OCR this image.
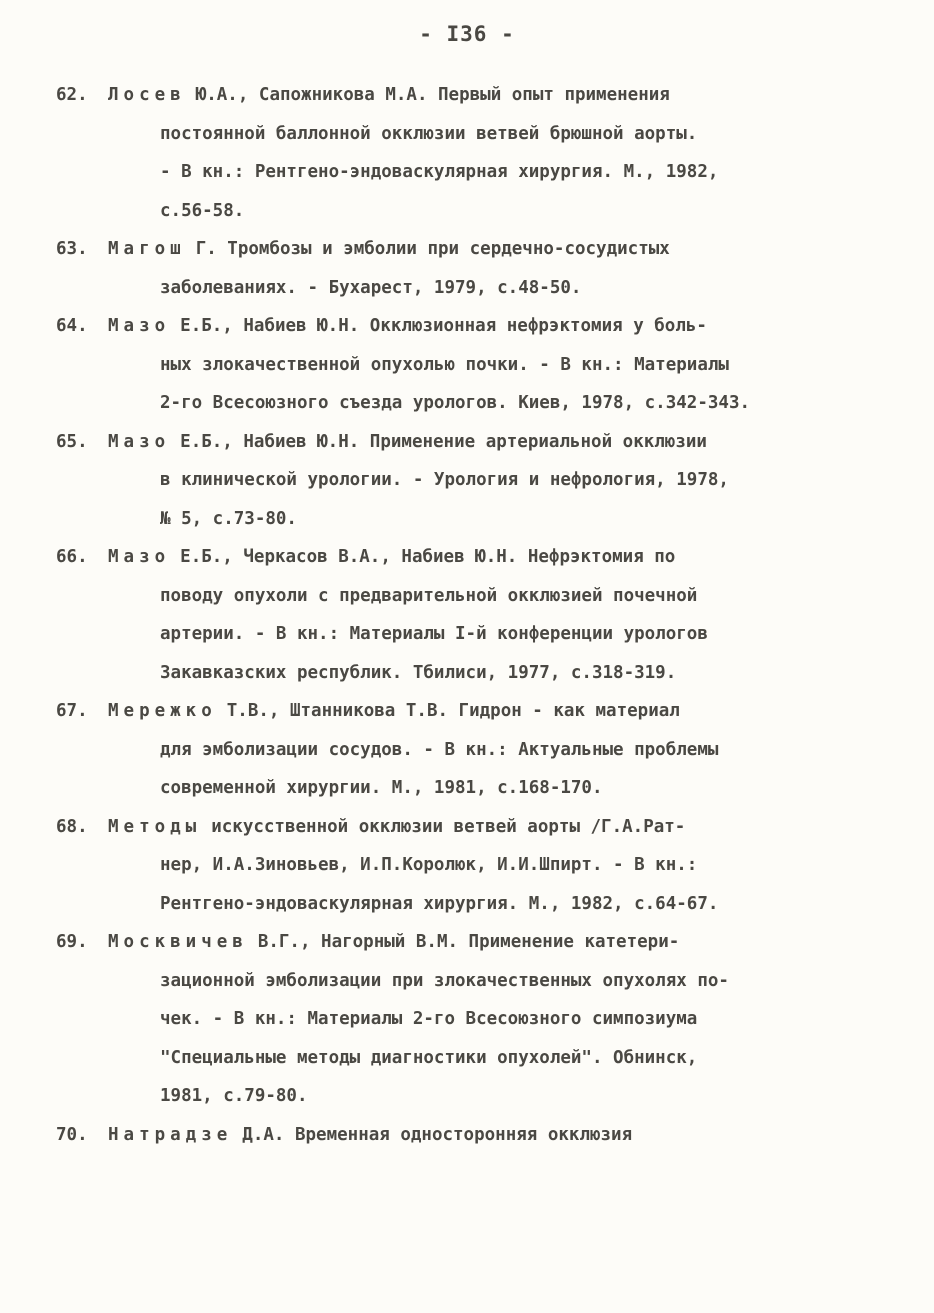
- I36 -
62.	Лосев Ю.А., Сапожникова М.А. Первый опыт применения
постоянной баллонной окклюзии ветвей брюшной аорты.
- В кн.: Рентгено-эндоваскулярная хирургия. М., 1982,
с.56-58.
63.	Магош Г. Тромбозы и эмболии при сердечно-сосудистых
заболеваниях. - Бухарест, 1979, с.48-50.
64.	Мазо Е.Б., Набиев Ю.Н. Окклюзионная нефрэктомия у боль-
ных злокачественной опухолью почки. - В кн.: Материалы
2-го Всесоюзного съезда урологов. Киев, 1978, с.342-343.
65.	Мазо Е.Б., Набиев Ю.Н. Применение артериальной окклюзии
в клинической урологии. - Урология и нефрология, 1978,
№ 5, с.73-80.
66.	Мазо Е.Б., Черкасов В.А., Набиев Ю.Н. Нефрэктомия по
поводу опухоли с предварительной окклюзией почечной
артерии. - В кн.: Материалы I-й конференции урологов
Закавказских республик. Тбилиси, 1977, с.318-319.
67.	Мережко Т.В., Штанникова Т.В. Гидрон - как материал
для эмболизации сосудов. - В кн.: Актуальные проблемы
современной хирургии. М., 1981, с.168-170.
68.	Методы искусственной окклюзии ветвей аорты /Г.А.Рат-
нер, И.А.Зиновьев, И.П.Королюк, И.И.Шпирт. - В кн.:
Рентгено-эндоваскулярная хирургия. М., 1982, с.64-67.
69.	Москвичев В.Г., Нагорный В.М. Применение катетери-
зационной эмболизации при злокачественных опухолях по-
чек. - В кн.: Материалы 2-го Всесоюзного симпозиума
"Специальные методы диагностики опухолей". Обнинск,
1981, с.79-80.
70.	Натрадзе Д.А. Временная односторонняя окклюзия
